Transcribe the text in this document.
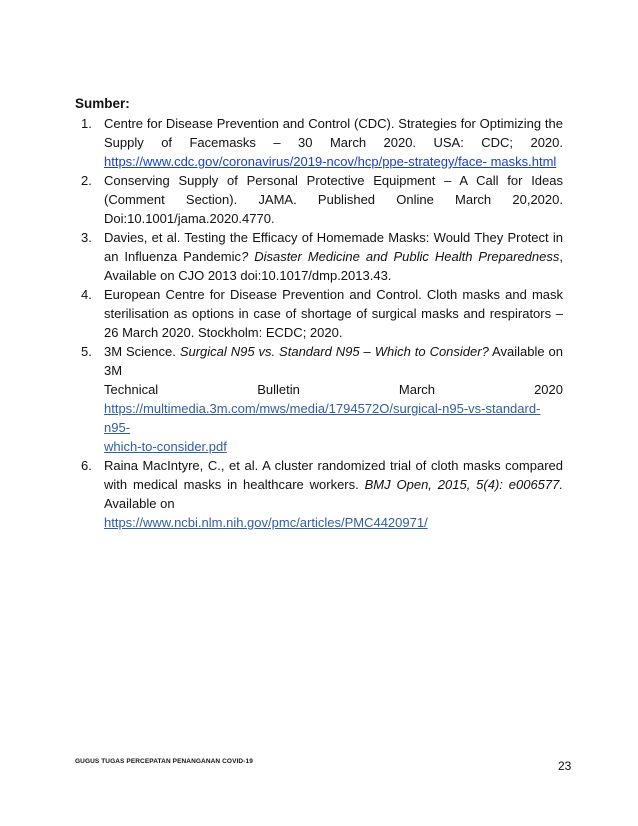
Sumber:
1. Centre for Disease Prevention and Control (CDC). Strategies for Optimizing the
Supply of Facemasks – 30 March 2020. USA: CDC; 2020.
https://www.cdc.gov/coronavirus/2019-ncov/hcp/ppe-strategy/face- masks.html
2. Conserving Supply of Personal Protective Equipment – A Call for Ideas (Comment Section). JAMA. Published Online March 20,2020. Doi:10.1001/jama.2020.4770.
3. Davies, et al. Testing the Efficacy of Homemade Masks: Would They Protect in an Influenza Pandemic? Disaster Medicine and Public Health Preparedness, Available on CJO 2013 doi:10.1017/dmp.2013.43.
4. European Centre for Disease Prevention and Control. Cloth masks and mask sterilisation as options in case of shortage of surgical masks and respirators – 26 March 2020. Stockholm: ECDC; 2020.
5. 3M Science. Surgical N95 vs. Standard N95 – Which to Consider? Available on 3M
Technical Bulletin March 2020
https://multimedia.3m.com/mws/media/1794572O/surgical-n95-vs-standard-n95-
which-to-consider.pdf
6. Raina MacIntyre, C., et al. A cluster randomized trial of cloth masks compared with medical masks in healthcare workers. BMJ Open, 2015, 5(4): e006577. Available on
https://www.ncbi.nlm.nih.gov/pmc/articles/PMC4420971/
GUGUS TUGAS PERCEPATAN PENANGANAN COVID-19	23
